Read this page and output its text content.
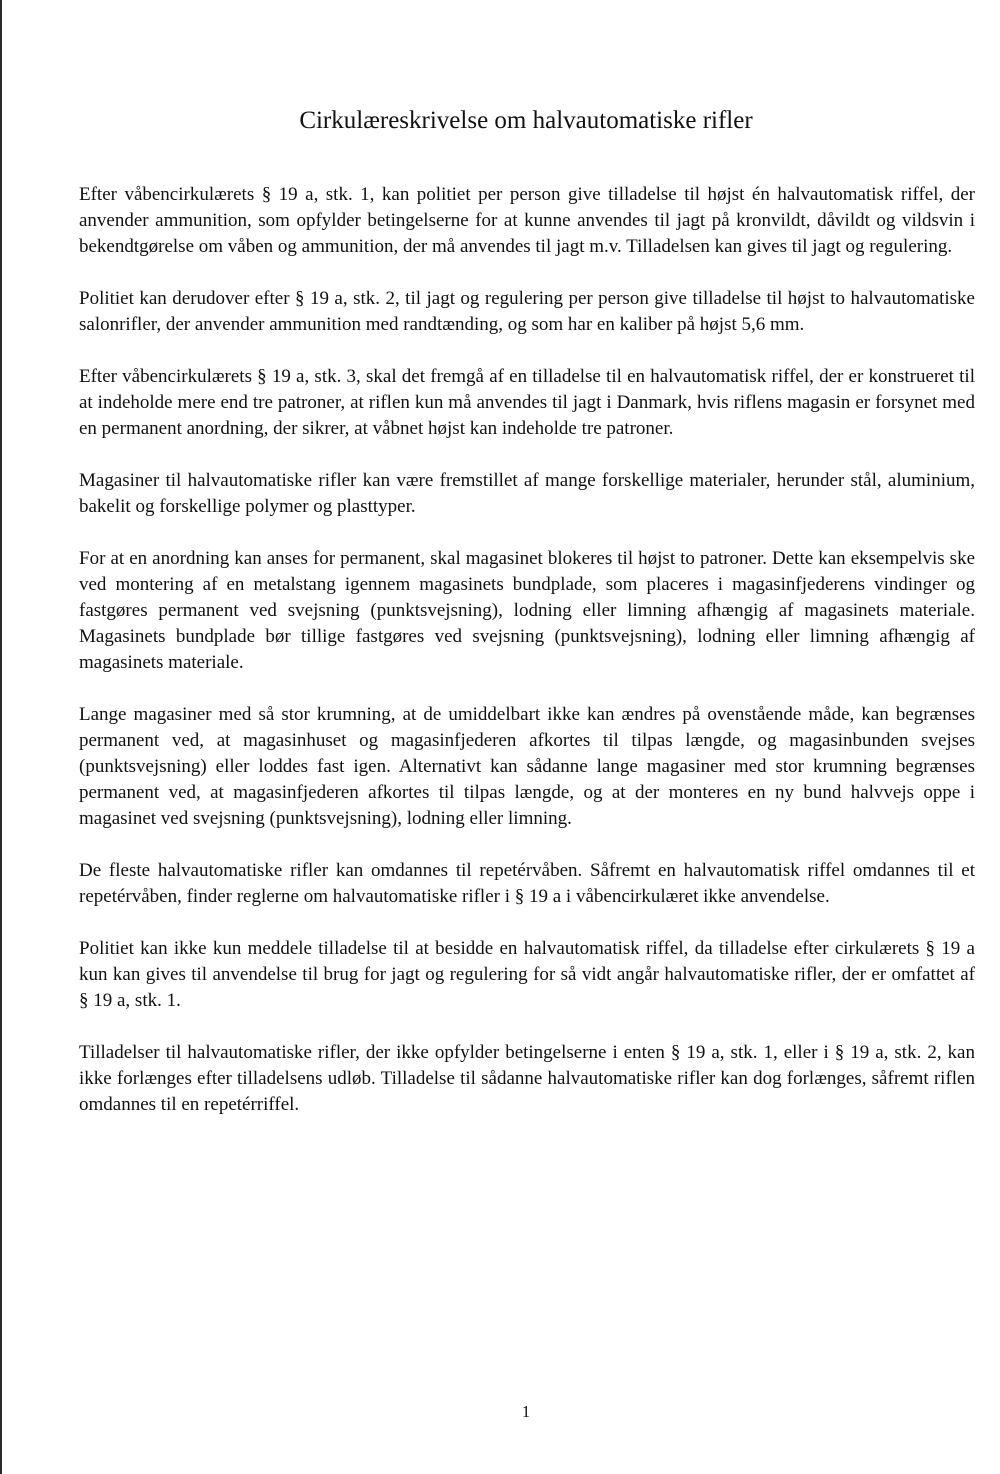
Cirkulæreskrivelse om halvautomatiske rifler

Efter våbencirkulærets § 19 a, stk. 1, kan politiet per person give tilladelse til højst én halvautomatisk riffel, der anvender ammunition, som opfylder betingelserne for at kunne anvendes til jagt på kronvildt, dåvildt og vildsvin i bekendtgørelse om våben og ammunition, der må anvendes til jagt m.v. Tilladelsen kan gives til jagt og regulering.

Politiet kan derudover efter § 19 a, stk. 2, til jagt og regulering per person give tilladelse til højst to halvautomatiske salonrifler, der anvender ammunition med randtænding, og som har en kaliber på højst 5,6 mm.

Efter våbencirkulærets § 19 a, stk. 3, skal det fremgå af en tilladelse til en halvautomatisk riffel, der er konstrueret til at indeholde mere end tre patroner, at riflen kun må anvendes til jagt i Danmark, hvis riflens magasin er forsynet med en permanent anordning, der sikrer, at våbnet højst kan indeholde tre patroner.

Magasiner til halvautomatiske rifler kan være fremstillet af mange forskellige materialer, herunder stål, aluminium, bakelit og forskellige polymer og plasttyper.

For at en anordning kan anses for permanent, skal magasinet blokeres til højst to patroner. Dette kan eksempelvis ske ved montering af en metalstang igennem magasinets bundplade, som placeres i magasinfjederens vindinger og fastgøres permanent ved svejsning (punktsvejsning), lodning eller limning afhængig af magasinets materiale. Magasinets bundplade bør tillige fastgøres ved svejsning (punktsvejsning), lodning eller limning afhængig af magasinets materiale.

Lange magasiner med så stor krumning, at de umiddelbart ikke kan ændres på ovenstående måde, kan begrænses permanent ved, at magasinhuset og magasinfjederen afkortes til tilpas længde, og magasinbunden svejses (punktsvejsning) eller loddes fast igen. Alternativt kan sådanne lange magasiner med stor krumning begrænses permanent ved, at magasinfjederen afkortes til tilpas længde, og at der monteres en ny bund halvvejs oppe i magasinet ved svejsning (punktsvejsning), lodning eller limning.

De fleste halvautomatiske rifler kan omdannes til repetérvåben. Såfremt en halvautomatisk riffel omdannes til et repetérvåben, finder reglerne om halvautomatiske rifler i § 19 a i våbencirkulæret ikke anvendelse.

Politiet kan ikke kun meddele tilladelse til at besidde en halvautomatisk riffel, da tilladelse efter cirkulærets § 19 a kun kan gives til anvendelse til brug for jagt og regulering for så vidt angår halvautomatiske rifler, der er omfattet af § 19 a, stk. 1.

Tilladelser til halvautomatiske rifler, der ikke opfylder betingelserne i enten § 19 a, stk. 1, eller i § 19 a, stk. 2, kan ikke forlænges efter tilladelsens udløb. Tilladelse til sådanne halvautomatiske rifler kan dog forlænges, såfremt riflen omdannes til en repetérriffel.

1
